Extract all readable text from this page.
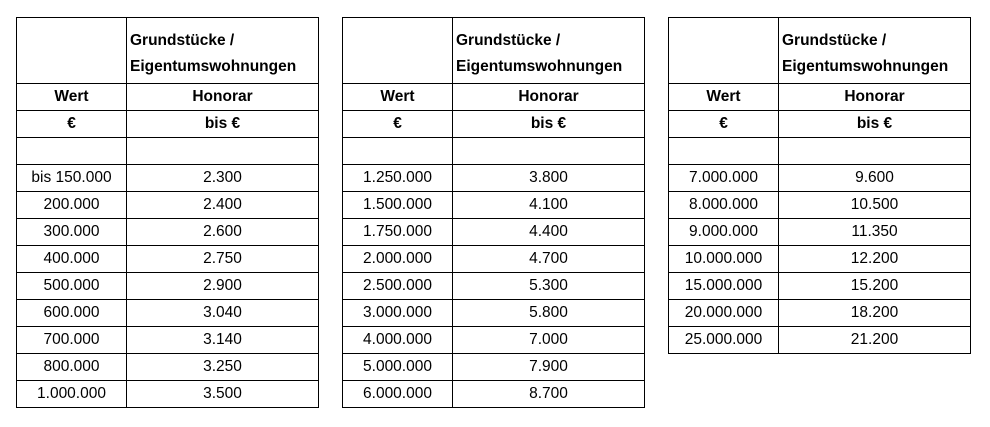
	Grundstücke /
Eigentumswohnungen

Wert	Honorar
€	bis €

bis 150.000	2.300
200.000	2.400
300.000	2.600
400.000	2.750
500.000	2.900
600.000	3.040
700.000	3.140
800.000	3.250
1.000.000	3.500

	Grundstücke /
Eigentumswohnungen

Wert	Honorar
€	bis €

1.250.000	3.800
1.500.000	4.100
1.750.000	4.400
2.000.000	4.700
2.500.000	5.300
3.000.000	5.800
4.000.000	7.000
5.000.000	7.900
6.000.000	8.700

	Grundstücke /
Eigentumswohnungen

Wert	Honorar
€	bis €

7.000.000	9.600
8.000.000	10.500
9.000.000	11.350
10.000.000	12.200
15.000.000	15.200
20.000.000	18.200
25.000.000	21.200
